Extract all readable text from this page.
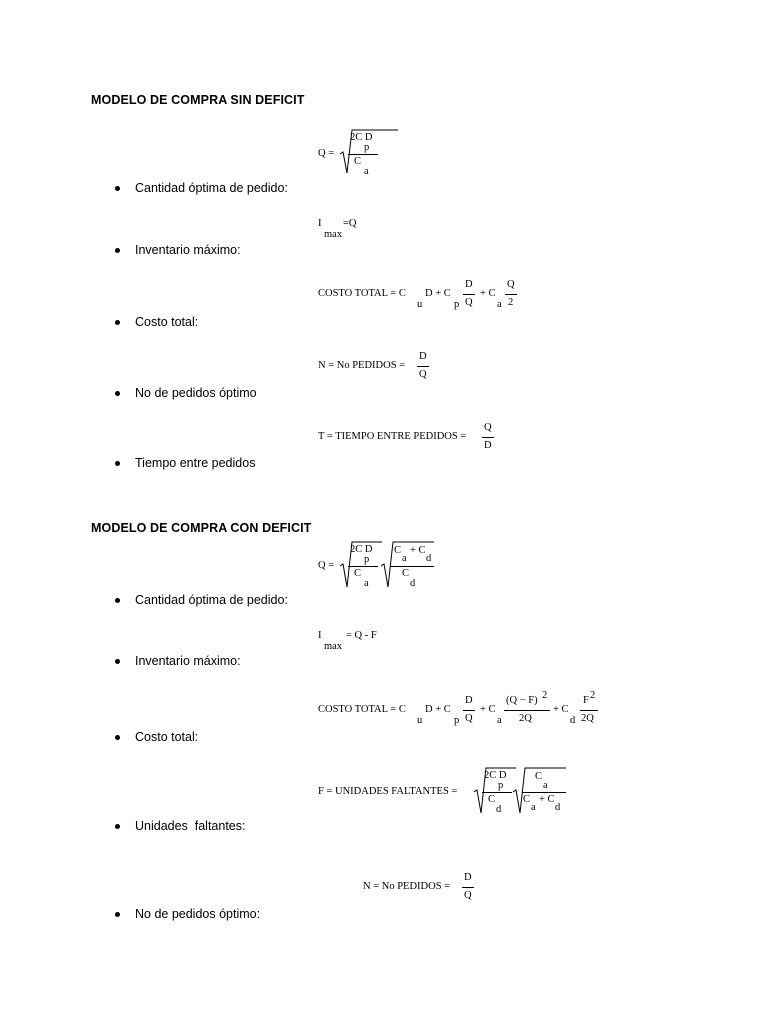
MODELO DE COMPRA SIN DEFICIT
Q =
2C D
p
C
a
Cantidad óptima de pedido:
I
max
=Q
Inventario máximo:
COSTO TOTAL = C
u
D + C
p
D
Q
+ C
a
Q
2
Costo total:
N = No PEDIDOS =
D
Q
No de pedidos óptimo
T = TIEMPO ENTRE PEDIDOS =
Q
D
Tiempo entre pedidos
MODELO DE COMPRA CON DEFICIT
Q =
2C D
p
C
a
C
a
+ C
d
C
d
Cantidad óptima de pedido:
I
max
= Q - F
Inventario máximo:
COSTO TOTAL = C
u
D + C
p
D
Q
+ C
a
(Q − F) 2
2Q
+ C
d
F 2
2Q
Costo total:
F = UNIDADES FALTANTES =
2C D
p
C
d
C
a
C
a
+ C
d
Unidades  faltantes:
N = No PEDIDOS =
D
Q
No de pedidos óptimo:
